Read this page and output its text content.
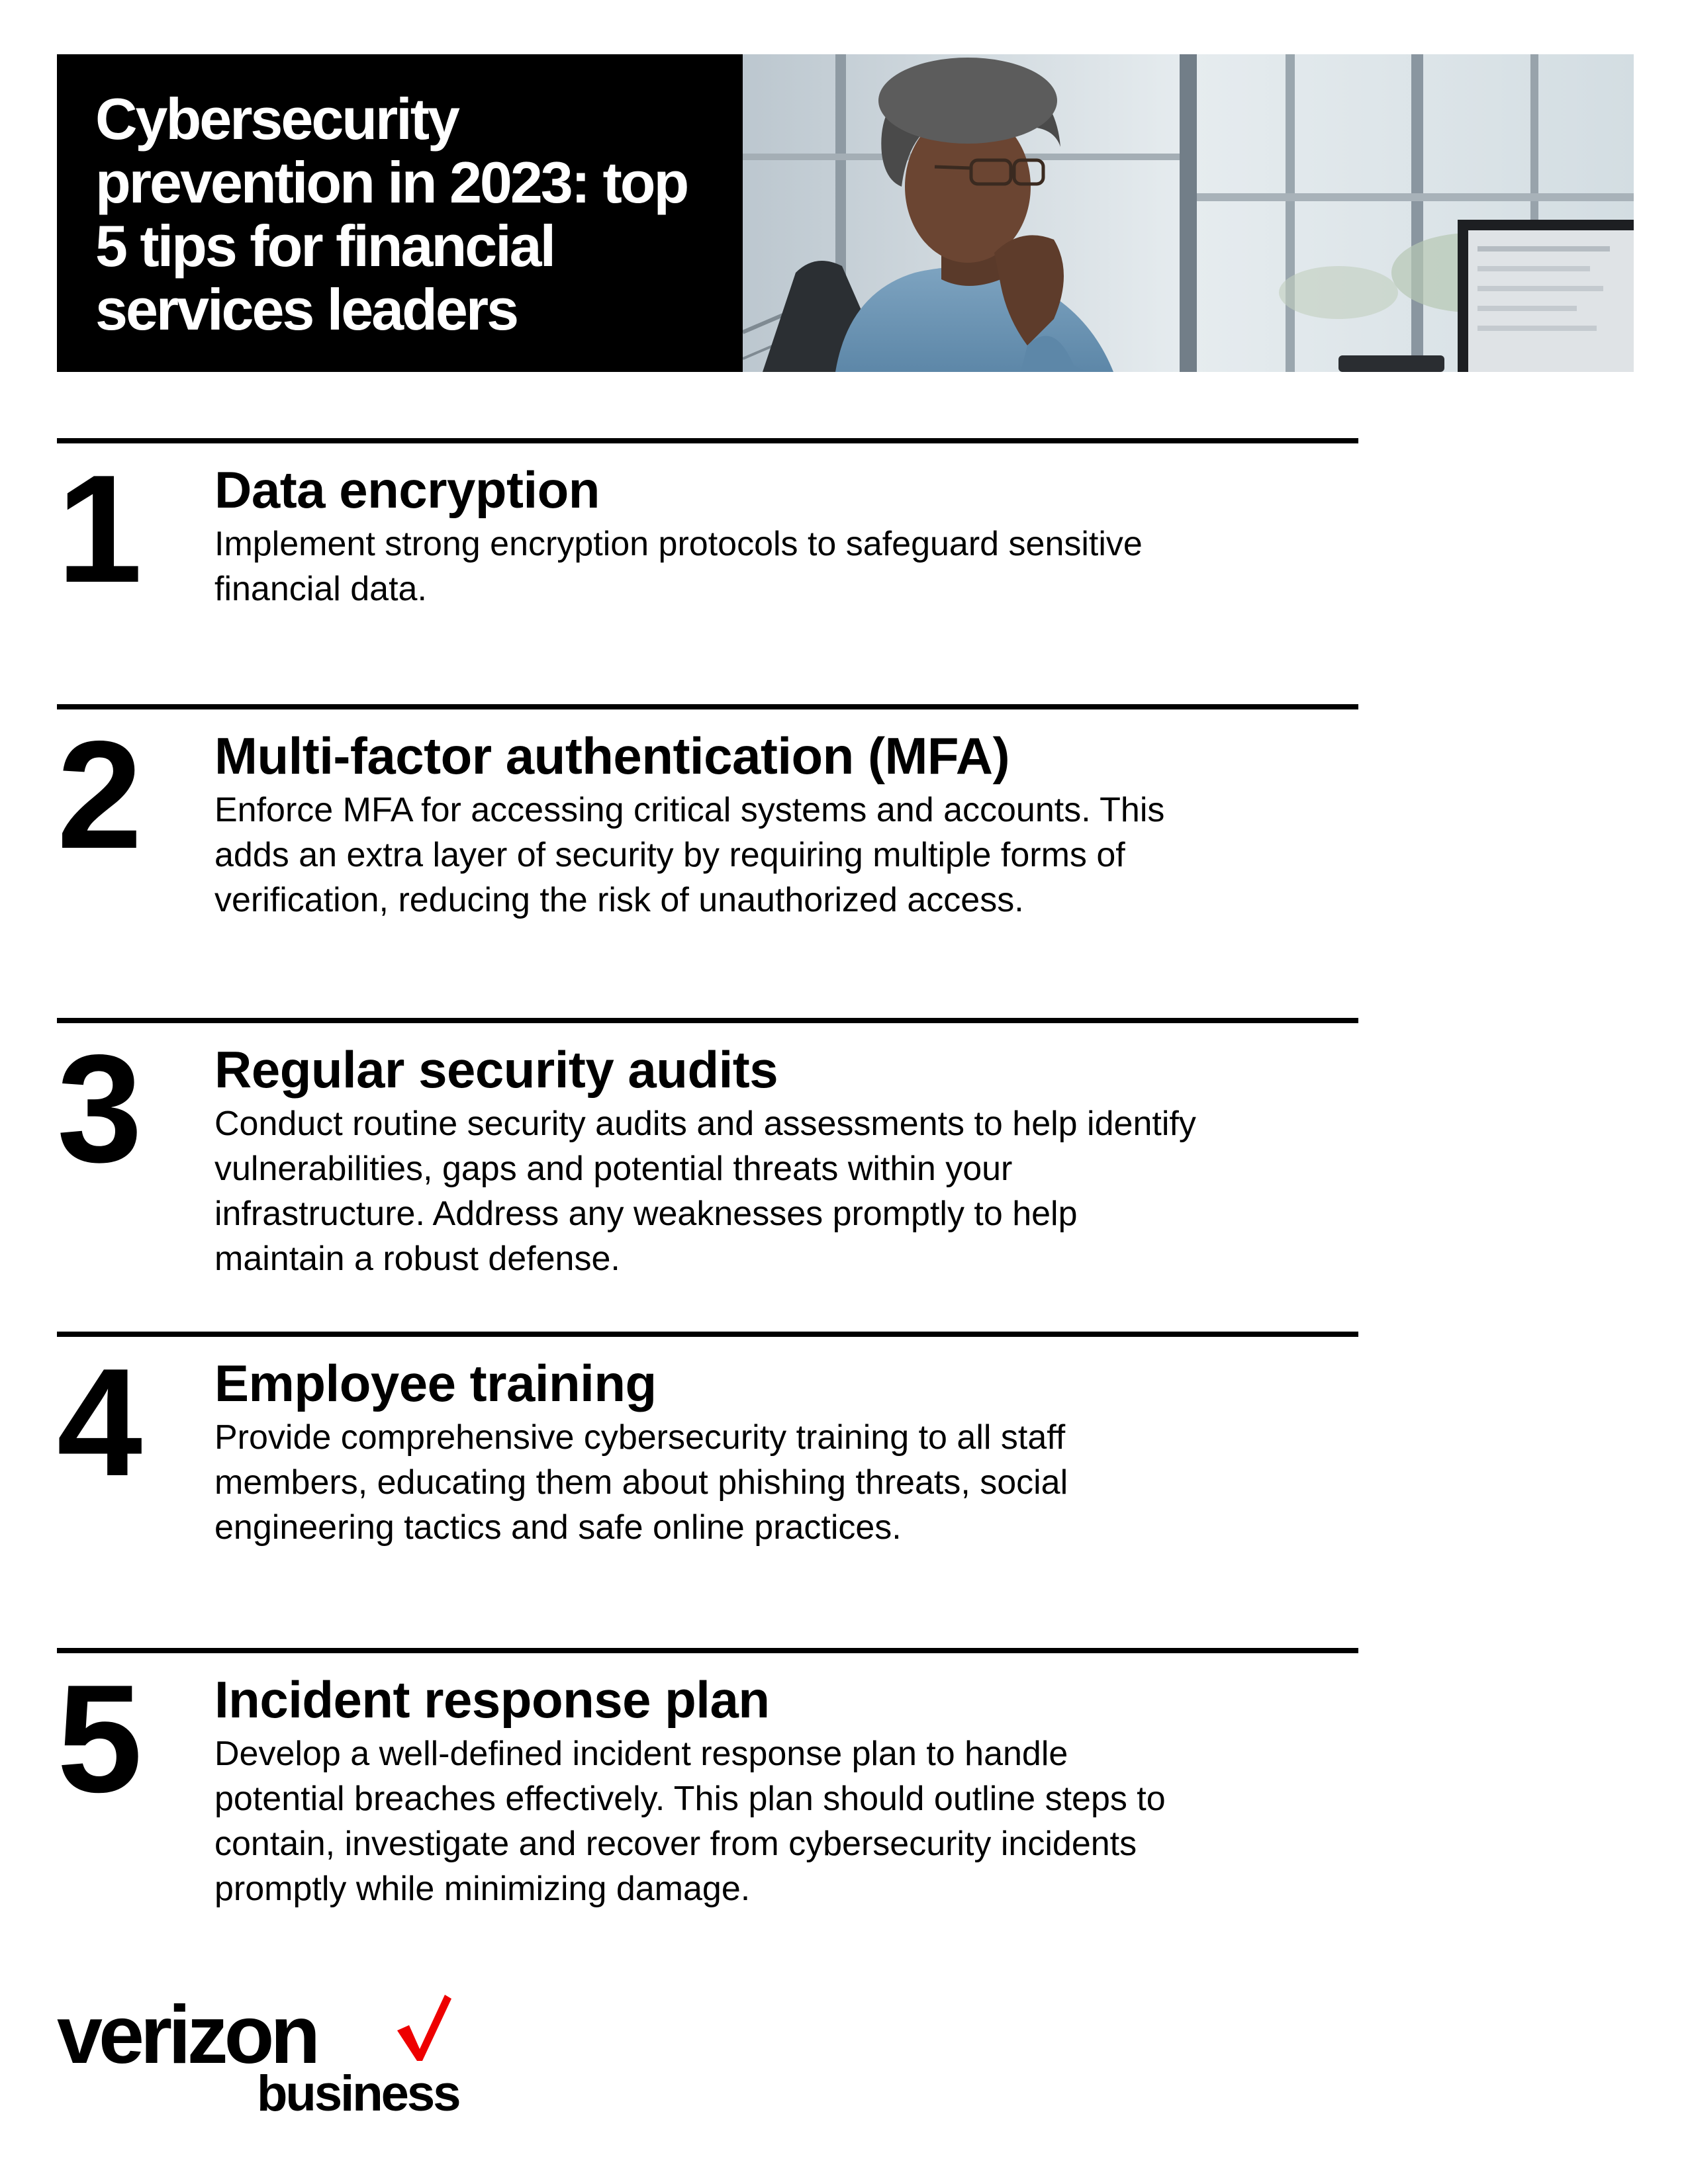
Cybersecurity prevention in 2023: top 5 tips for financial services leaders
1 Data encryption

Implement strong encryption protocols to safeguard sensitive financial data.

2 Multi-factor authentication (MFA)

Enforce MFA for accessing critical systems and accounts. This adds an extra layer of security by requiring multiple forms of verification, reducing the risk of unauthorized access.

3 Regular security audits

Conduct routine security audits and assessments to help identify vulnerabilities, gaps and potential threats within your infrastructure. Address any weaknesses promptly to help maintain a robust defense.

4 Employee training

Provide comprehensive cybersecurity training to all staff members, educating them about phishing threats, social engineering tactics and safe online practices.

5 Incident response plan

Develop a well-defined incident response plan to handle potential breaches effectively. This plan should outline steps to contain, investigate and recover from cybersecurity incidents promptly while minimizing damage.

verizon
business
